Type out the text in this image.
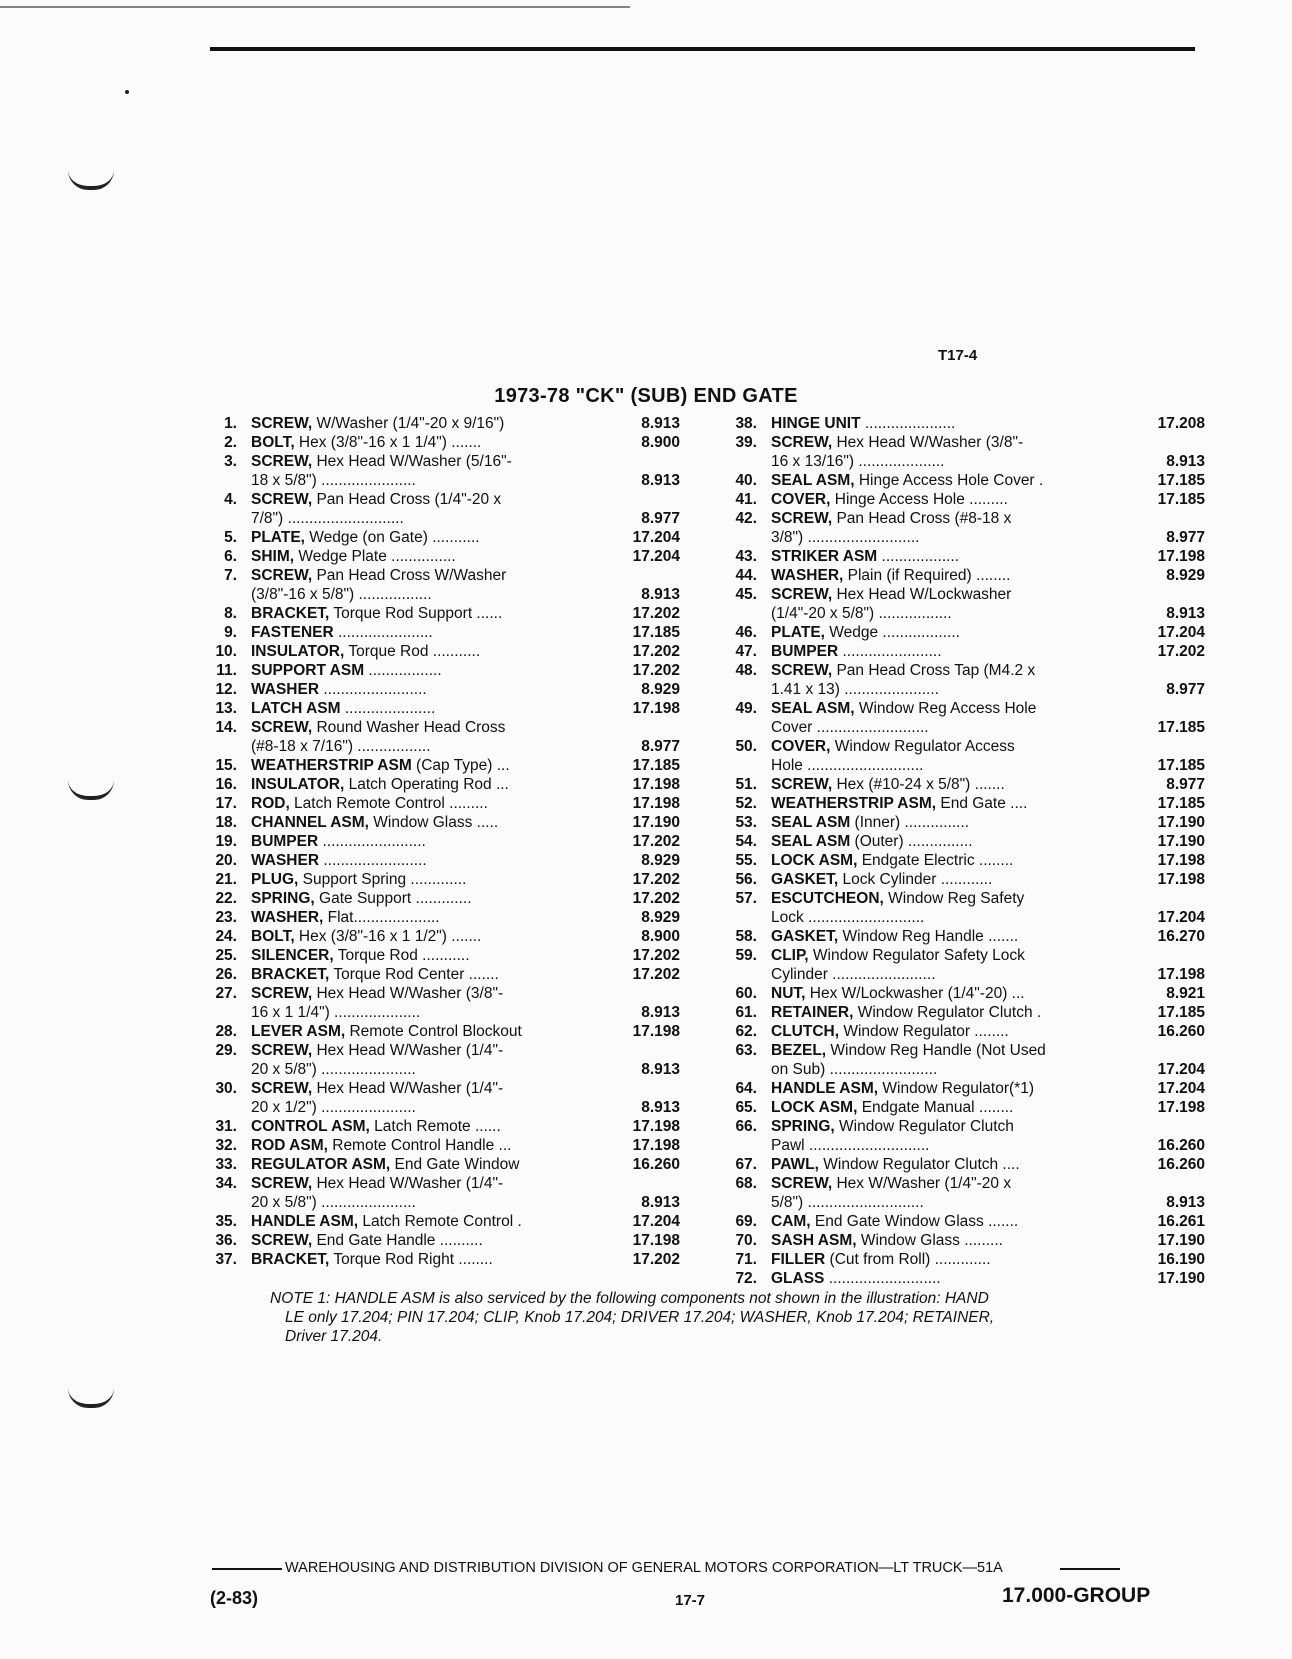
T17-4
1973-78 "CK" (SUB) END GATE
1. SCREW, W/Washer (1/4"-20 x 9/16")	8.913
2. BOLT, Hex (3/8"-16 x 1 1/4") .......	8.900
3. SCREW, Hex Head W/Washer (5/16"-
18 x 5/8") ......................	8.913
4. SCREW, Pan Head Cross (1/4"-20 x
7/8") ...........................	8.977
5. PLATE, Wedge (on Gate) ...........	17.204
6. SHIM, Wedge Plate ...............	17.204
7. SCREW, Pan Head Cross W/Washer
(3/8"-16 x 5/8") .................	8.913
8. BRACKET, Torque Rod Support ......	17.202
9. FASTENER ......................	17.185
10. INSULATOR, Torque Rod ...........	17.202
11. SUPPORT ASM .................	17.202
12. WASHER ........................	8.929
13. LATCH ASM .....................	17.198
14. SCREW, Round Washer Head Cross
(#8-18 x 7/16") .................	8.977
15. WEATHERSTRIP ASM (Cap Type) ...	17.185
16. INSULATOR, Latch Operating Rod ...	17.198
17. ROD, Latch Remote Control .........	17.198
18. CHANNEL ASM, Window Glass .....	17.190
19. BUMPER ........................	17.202
20. WASHER ........................	8.929
21. PLUG, Support Spring .............	17.202
22. SPRING, Gate Support .............	17.202
23. WASHER, Flat....................	8.929
24. BOLT, Hex (3/8"-16 x 1 1/2") .......	8.900
25. SILENCER, Torque Rod ...........	17.202
26. BRACKET, Torque Rod Center .......	17.202
27. SCREW, Hex Head W/Washer (3/8"-
16 x 1 1/4") ....................	8.913
28. LEVER ASM, Remote Control Blockout	17.198
29. SCREW, Hex Head W/Washer (1/4"-
20 x 5/8") ......................	8.913
30. SCREW, Hex Head W/Washer (1/4"-
20 x 1/2") ......................	8.913
31. CONTROL ASM, Latch Remote ......	17.198
32. ROD ASM, Remote Control Handle ...	17.198
33. REGULATOR ASM, End Gate Window	16.260
34. SCREW, Hex Head W/Washer (1/4"-
20 x 5/8") ......................	8.913
35. HANDLE ASM, Latch Remote Control .	17.204
36. SCREW, End Gate Handle ..........	17.198
37. BRACKET, Torque Rod Right ........	17.202
38. HINGE UNIT .....................	17.208
39. SCREW, Hex Head W/Washer (3/8"-
16 x 13/16") ....................	8.913
40. SEAL ASM, Hinge Access Hole Cover .	17.185
41. COVER, Hinge Access Hole .........	17.185
42. SCREW, Pan Head Cross (#8-18 x
3/8") ..........................	8.977
43. STRIKER ASM ..................	17.198
44. WASHER, Plain (if Required) ........	8.929
45. SCREW, Hex Head W/Lockwasher
(1/4"-20 x 5/8") .................	8.913
46. PLATE, Wedge ..................	17.204
47. BUMPER .......................	17.202
48. SCREW, Pan Head Cross Tap (M4.2 x
1.41 x 13) ......................	8.977
49. SEAL ASM, Window Reg Access Hole
Cover ..........................	17.185
50. COVER, Window Regulator Access
Hole ...........................	17.185
51. SCREW, Hex (#10-24 x 5/8") .......	8.977
52. WEATHERSTRIP ASM, End Gate ....	17.185
53. SEAL ASM (Inner) ...............	17.190
54. SEAL ASM (Outer) ...............	17.190
55. LOCK ASM, Endgate Electric ........	17.198
56. GASKET, Lock Cylinder ............	17.198
57. ESCUTCHEON, Window Reg Safety
Lock ...........................	17.204
58. GASKET, Window Reg Handle .......	16.270
59. CLIP, Window Regulator Safety Lock
Cylinder ........................	17.198
60. NUT, Hex W/Lockwasher (1/4"-20) ...	8.921
61. RETAINER, Window Regulator Clutch .	17.185
62. CLUTCH, Window Regulator ........	16.260
63. BEZEL, Window Reg Handle (Not Used
on Sub) .........................	17.204
64. HANDLE ASM, Window Regulator(*1)	17.204
65. LOCK ASM, Endgate Manual ........	17.198
66. SPRING, Window Regulator Clutch
Pawl ............................	16.260
67. PAWL, Window Regulator Clutch ....	16.260
68. SCREW, Hex W/Washer (1/4"-20 x
5/8") ...........................	8.913
69. CAM, End Gate Window Glass .......	16.261
70. SASH ASM, Window Glass .........	17.190
71. FILLER (Cut from Roll) .............	16.190
72. GLASS ..........................	17.190

NOTE 1: HANDLE ASM is also serviced by the following components not shown in the illustration: HAND

LE only 17.204; PIN 17.204; CLIP, Knob 17.204; DRIVER 17.204; WASHER, Knob 17.204; RETAINER,

Driver 17.204.

WAREHOUSING AND DISTRIBUTION DIVISION OF GENERAL MOTORS CORPORATION—LT TRUCK—51A
(2-83)	17-7	17.000-GROUP
